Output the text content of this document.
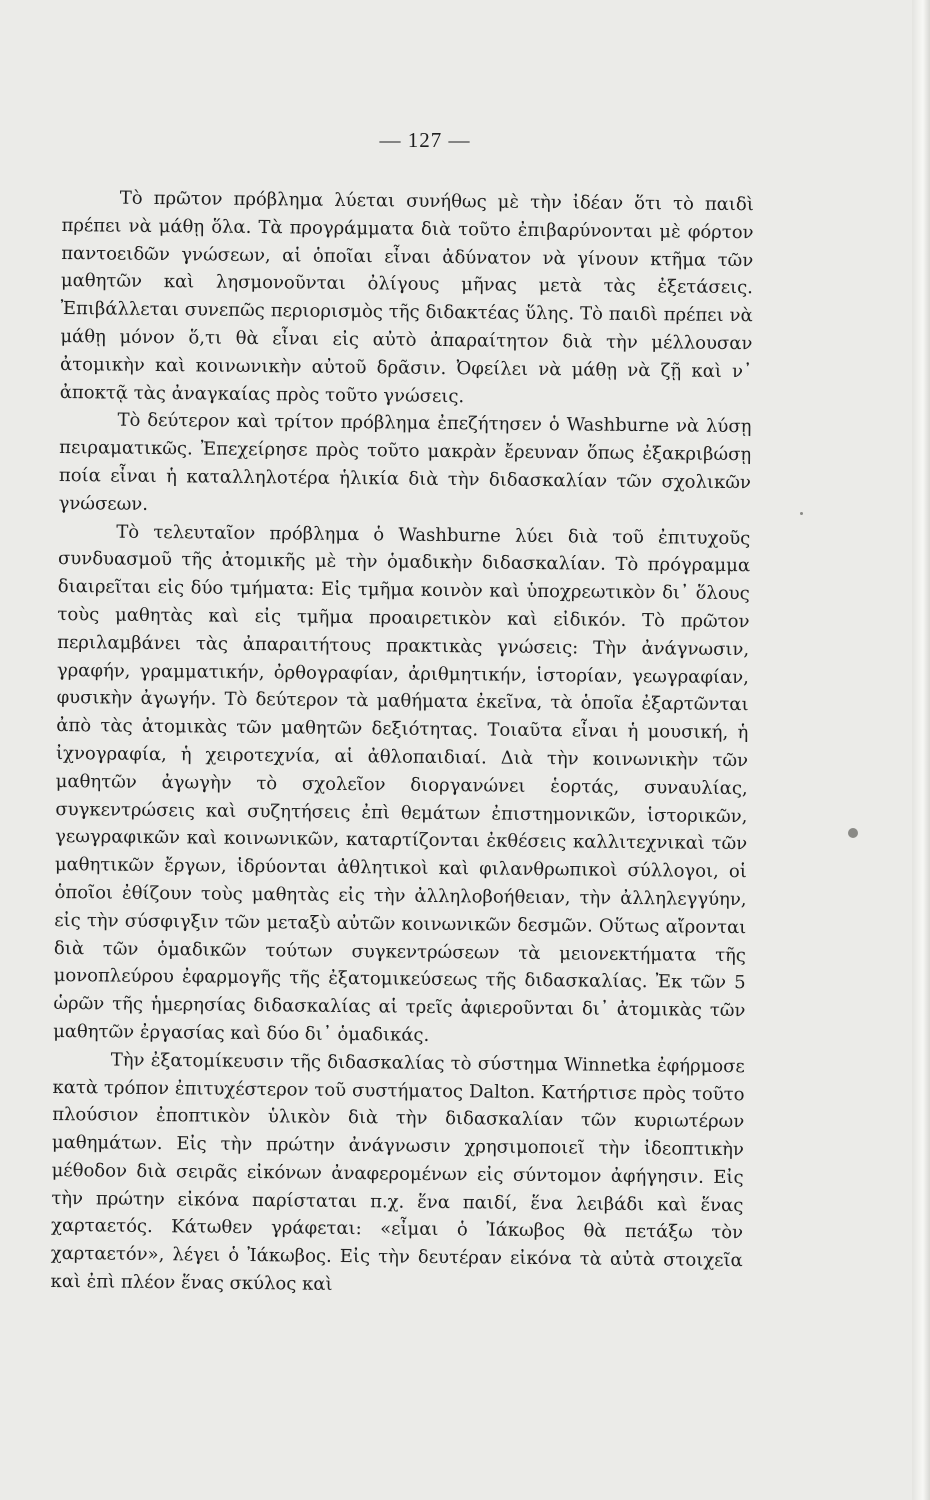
— 127 —

Τὸ πρῶτον πρόβλημα λύεται συνήθως μὲ τὴν ἰδέαν ὅτι τὸ παιδὶ πρέπει νὰ μάθῃ ὅλα. Τὰ προγράμματα διὰ τοῦτο ἐπιβαρύνονται μὲ φόρτον παντοειδῶν γνώσεων, αἱ ὁποῖαι εἶναι ἀδύνατον νὰ γίνουν κτῆμα τῶν μαθητῶν καὶ λησμονοῦνται ὀλίγους μῆνας μετὰ τὰς ἐξετάσεις. Ἐπιβάλλεται συνεπῶς περιορισμὸς τῆς διδακτέας ὕλης. Τὸ παιδὶ πρέπει νὰ μάθῃ μόνον ὅ,τι θὰ εἶναι εἰς αὐτὸ ἀπαραίτητον διὰ τὴν μέλλουσαν ἀτομικὴν καὶ κοινωνικὴν αὐτοῦ δρᾶσιν. Ὀφείλει νὰ μάθῃ νὰ ζῇ καὶ ν᾽ ἀποκτᾷ τὰς ἀναγκαίας πρὸς τοῦτο γνώσεις.

Τὸ δεύτερον καὶ τρίτον πρόβλημα ἐπεζήτησεν ὁ Washburne νὰ λύσῃ πειραματικῶς. Ἐπεχείρησε πρὸς τοῦτο μακρὰν ἔρευναν ὅπως ἐξακριβώσῃ ποία εἶναι ἡ καταλληλοτέρα ἡλικία διὰ τὴν διδασκαλίαν τῶν σχολικῶν γνώσεων.

Τὸ τελευταῖον πρόβλημα ὁ Washburne λύει διὰ τοῦ ἐπιτυχοῦς συνδυασμοῦ τῆς ἀτομικῆς μὲ τὴν ὁμαδικὴν διδασκαλίαν. Τὸ πρόγραμμα διαιρεῖται εἰς δύο τμήματα: Εἰς τμῆμα κοινὸν καὶ ὑποχρεωτικὸν δι᾽ ὅλους τοὺς μαθητὰς καὶ εἰς τμῆμα προαιρετικὸν καὶ εἰδικόν. Τὸ πρῶτον περιλαμβάνει τὰς ἀπαραιτήτους πρακτικὰς γνώσεις: Τὴν ἀνάγνωσιν, γραφήν, γραμματικήν, ὀρθογραφίαν, ἀριθμητικήν, ἱστορίαν, γεωγραφίαν, φυσικὴν ἀγωγήν. Τὸ δεύτερον τὰ μαθήματα ἐκεῖνα, τὰ ὁποῖα ἐξαρτῶνται ἀπὸ τὰς ἀτομικὰς τῶν μαθητῶν δεξιότητας. Τοιαῦτα εἶναι ἡ μουσική, ἡ ἰχνογραφία, ἡ χειροτεχνία, αἱ ἀθλοπαιδιαί. Διὰ τὴν κοινωνικὴν τῶν μαθητῶν ἀγωγὴν τὸ σχολεῖον διοργανώνει ἑορτάς, συναυλίας, συγκεντρώσεις καὶ συζητήσεις ἐπὶ θεμάτων ἐπιστημονικῶν, ἱστορικῶν, γεωγραφικῶν καὶ κοινωνικῶν, καταρτίζονται ἐκθέσεις καλλιτεχνικαὶ τῶν μαθητικῶν ἔργων, ἱδρύονται ἀθλητικοὶ καὶ φιλανθρωπικοὶ σύλλογοι, οἱ ὁποῖοι ἐθίζουν τοὺς μαθητὰς εἰς τὴν ἀλληλοβοήθειαν, τὴν ἀλληλεγγύην, εἰς τὴν σύσφιγξιν τῶν μεταξὺ αὐτῶν κοινωνικῶν δεσμῶν. Οὕτως αἴρονται διὰ τῶν ὁμαδικῶν τούτων συγκεντρώσεων τὰ μειονεκτήματα τῆς μονοπλεύρου ἐφαρμογῆς τῆς ἐξατομικεύσεως τῆς διδασκαλίας. Ἐκ τῶν 5 ὡρῶν τῆς ἡμερησίας διδασκαλίας αἱ τρεῖς ἀφιεροῦνται δι᾽ ἀτομικὰς τῶν μαθητῶν ἐργασίας καὶ δύο δι᾽ ὁμαδικάς.

Τὴν ἐξατομίκευσιν τῆς διδασκαλίας τὸ σύστημα Winnetka ἐφήρμοσε κατὰ τρόπον ἐπιτυχέστερον τοῦ συστήματος Dalton. Κατήρτισε πρὸς τοῦτο πλούσιον ἐποπτικὸν ὑλικὸν διὰ τὴν διδασκαλίαν τῶν κυριωτέρων μαθημάτων. Εἰς τὴν πρώτην ἀνάγνωσιν χρησιμοποιεῖ τὴν ἰδεοπτικὴν μέθοδον διὰ σειρᾶς εἰκόνων ἀναφερομένων εἰς σύντομον ἀφήγησιν. Εἰς τὴν πρώτην εἰκόνα παρίσταται π.χ. ἕνα παιδί, ἕνα λειβάδι καὶ ἕνας χαρταετός. Κάτωθεν γράφεται: «εἶμαι ὁ Ἰάκωβος θὰ πετάξω τὸν χαρταετόν», λέγει ὁ Ἰάκωβος. Εἰς τὴν δευτέραν εἰκόνα τὰ αὐτὰ στοιχεῖα καὶ ἐπὶ πλέον ἕνας σκύλος καὶ
